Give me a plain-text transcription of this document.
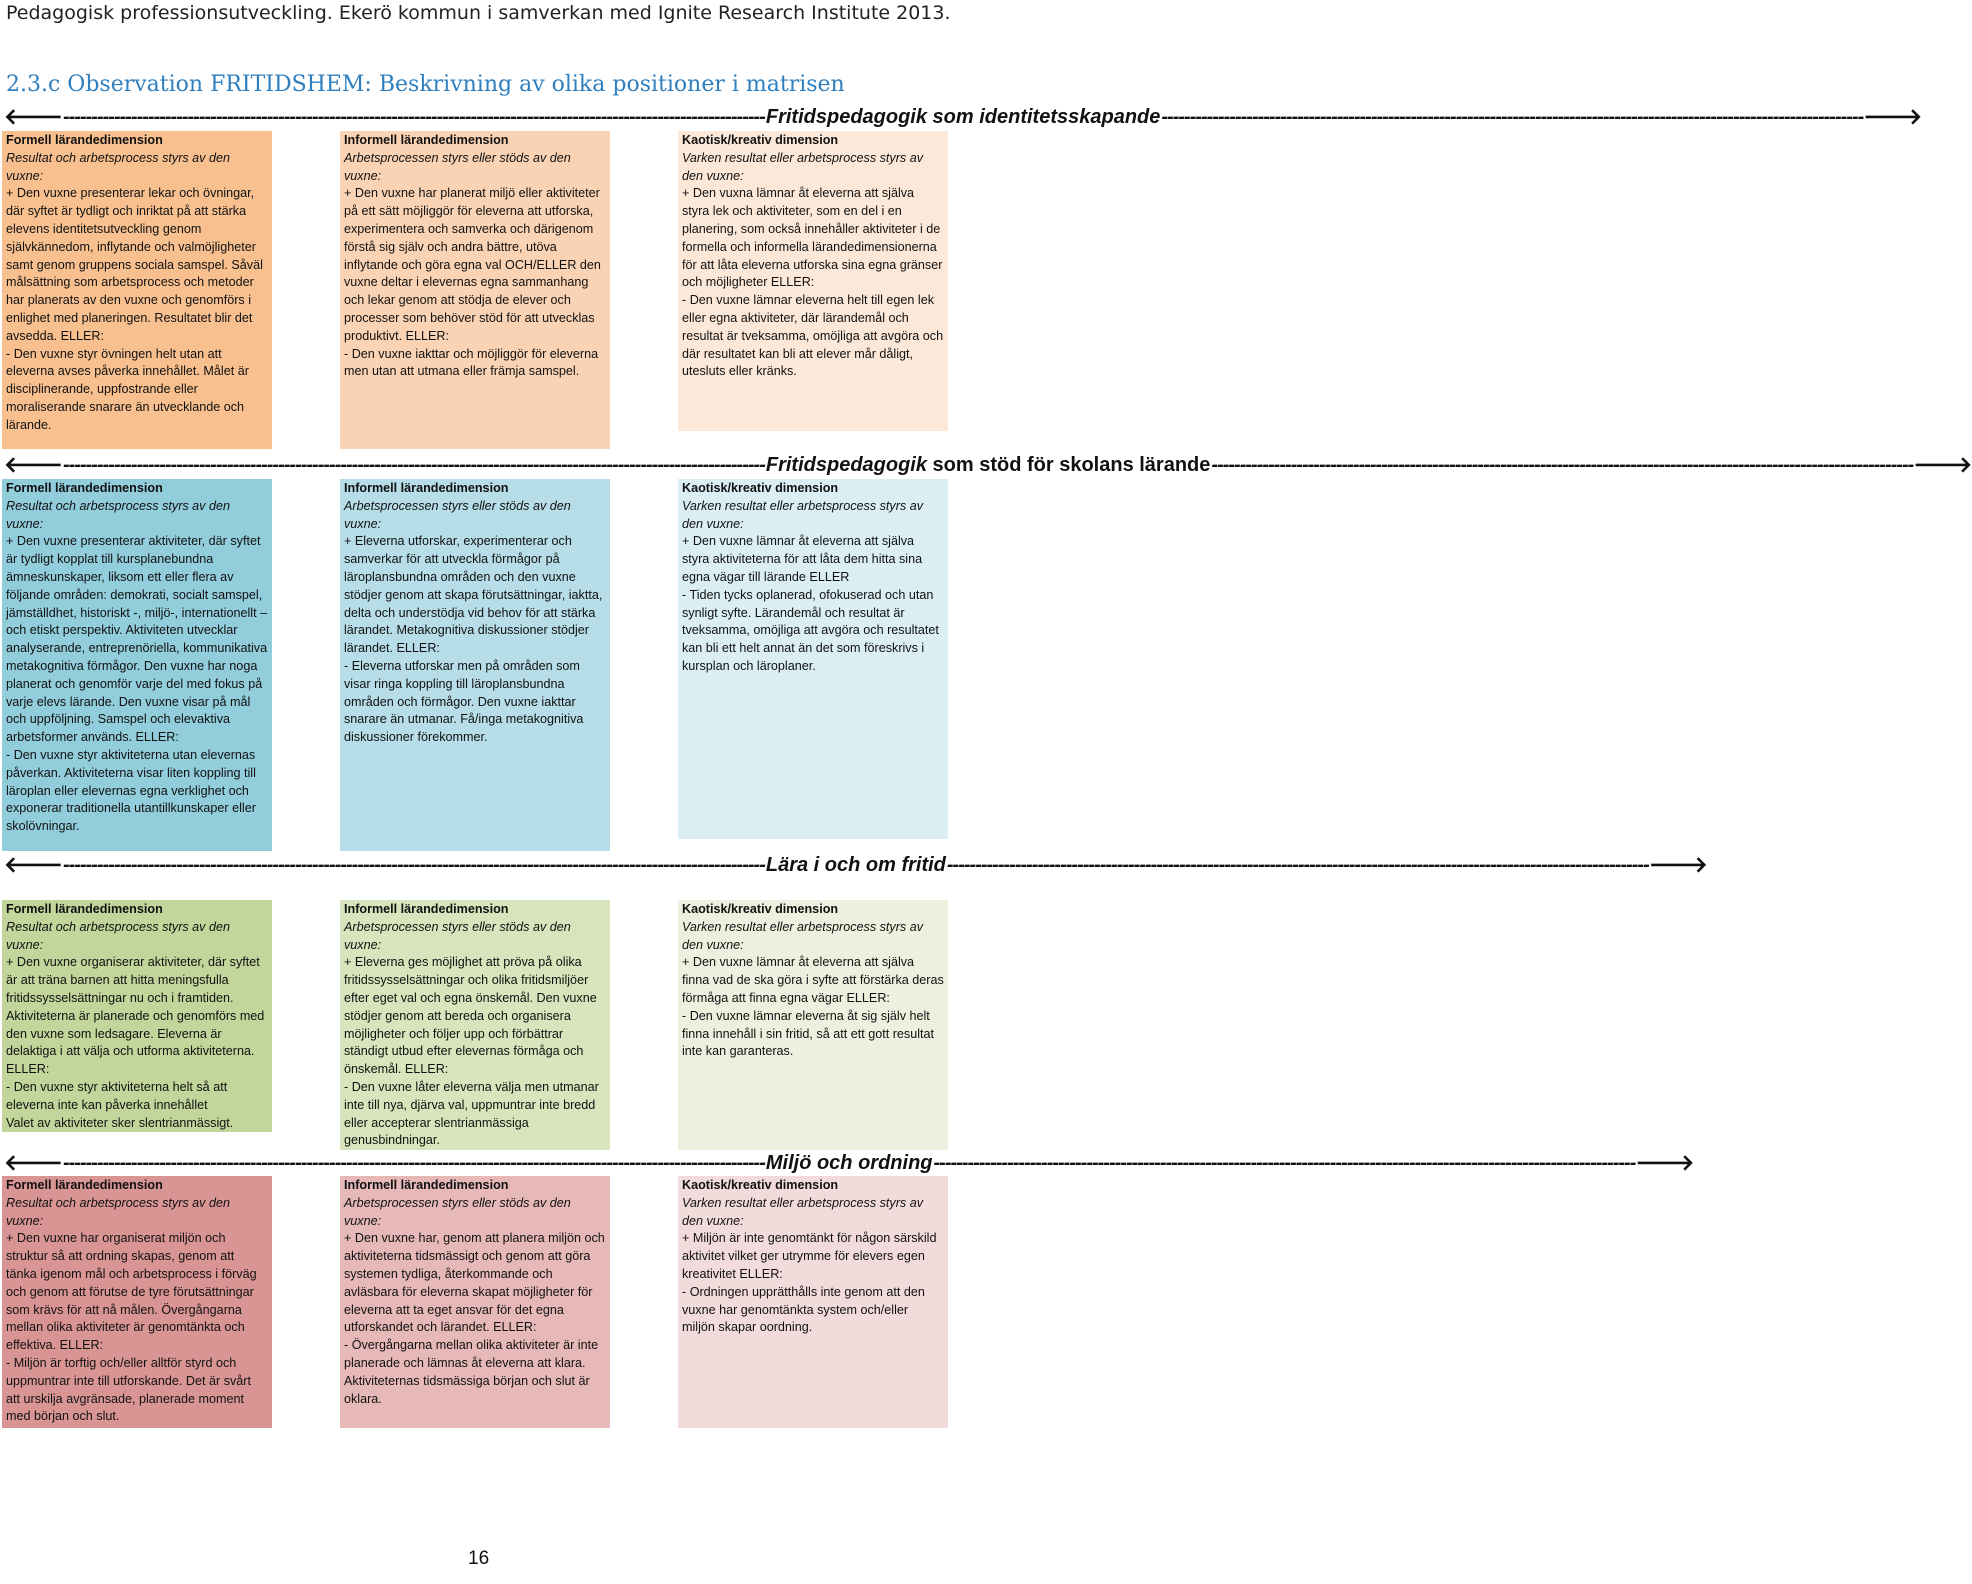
Pedagogisk professionsutveckling. Ekerö kommun i samverkan med Ignite Research Institute 2013.
2.3.c Observation FRITIDSHEM: Beskrivning av olika positioner i matrisen
🡐 ---------------------------------------------------------------------------------------------------------------------------- Fritidspedagogik som identitetsskapande ---------------------------------------------------------------------------------------------------------------------------- 🡒
Formell lärandedimension
Resultat och arbetsprocess styrs av den vuxne:
+ Den vuxne presenterar lekar och övningar, där syftet är tydligt och inriktat på att stärka elevens identitetsutveckling genom självkännedom, inflytande och valmöjligheter samt genom gruppens sociala samspel. Såväl målsättning som arbetsprocess och metoder har planerats av den vuxne och genomförs i enlighet med planeringen. Resultatet blir det avsedda. ELLER:
- Den vuxne styr övningen helt utan att eleverna avses påverka innehållet. Målet är disciplinerande, uppfostrande eller moraliserande snarare än utvecklande och lärande.
Informell lärandedimension
Arbetsprocessen styrs eller stöds av den vuxne:
+ Den vuxne har planerat miljö eller aktiviteter på ett sätt möjliggör för eleverna att utforska, experimentera och samverka och därigenom förstå sig själv och andra bättre, utöva inflytande och göra egna val OCH/ELLER den vuxne deltar i elevernas egna sammanhang och lekar genom att stödja de elever och processer som behöver stöd för att utvecklas produktivt. ELLER:
- Den vuxne iakttar och möjliggör för eleverna men utan att utmana eller främja samspel.
Kaotisk/kreativ dimension
Varken resultat eller arbetsprocess styrs av den vuxne:
+ Den vuxna lämnar åt eleverna att själva styra lek och aktiviteter, som en del i en planering, som också innehåller aktiviteter i de formella och informella lärandedimensionerna för att låta eleverna utforska sina egna gränser och möjligheter ELLER:
- Den vuxne lämnar eleverna helt till egen lek eller egna aktiviteter, där lärandemål och resultat är tveksamma, omöjliga att avgöra och där resultatet kan bli att elever mår dåligt, utesluts eller kränks.
🡐 ---------------------------------------------------------------------------------------------------------------------------- Fritidspedagogik som stöd för skolans lärande ---------------------------------------------------------------------------------------------------------------------------- 🡒
Formell lärandedimension
Resultat och arbetsprocess styrs av den vuxne:
+ Den vuxne presenterar aktiviteter, där syftet är tydligt kopplat till kursplanebundna ämneskunskaper, liksom ett eller flera av följande områden: demokrati, socialt samspel, jämställdhet, historiskt -, miljö-, internationellt – och etiskt perspektiv. Aktiviteten utvecklar analyserande, entreprenöriella, kommunikativa metakognitiva förmågor. Den vuxne har noga planerat och genomför varje del med fokus på varje elevs lärande. Den vuxne visar på mål och uppföljning. Samspel och elevaktiva arbetsformer används. ELLER:
- Den vuxne styr aktiviteterna utan elevernas påverkan. Aktiviteterna visar liten koppling till läroplan eller elevernas egna verklighet och exponerar traditionella utantillkunskaper eller skolövningar.
Informell lärandedimension
Arbetsprocessen styrs eller stöds av den vuxne:
+ Eleverna utforskar, experimenterar och samverkar för att utveckla förmågor på läroplansbundna områden och den vuxne stödjer genom att skapa förutsättningar, iaktta, delta och understödja vid behov för att stärka lärandet. Metakognitiva diskussioner stödjer lärandet. ELLER:
- Eleverna utforskar men på områden som visar ringa koppling till läroplansbundna områden och förmågor. Den vuxne iakttar snarare än utmanar. Få/inga metakognitiva diskussioner förekommer.
Kaotisk/kreativ dimension
Varken resultat eller arbetsprocess styrs av den vuxne:
+ Den vuxne lämnar åt eleverna att själva styra aktiviteterna för att låta dem hitta sina egna vägar till lärande ELLER
- Tiden tycks oplanerad, ofokuserad och utan synligt syfte. Lärandemål och resultat är tveksamma, omöjliga att avgöra och resultatet kan bli ett helt annat än det som föreskrivs i kursplan och läroplaner.
🡐 ---------------------------------------------------------------------------------------------------------------------------- Lära i och om fritid ---------------------------------------------------------------------------------------------------------------------------- 🡒
Formell lärandedimension
Resultat och arbetsprocess styrs av den vuxne:
+ Den vuxne organiserar aktiviteter, där syftet är att träna barnen att hitta meningsfulla fritidssysselsättningar nu och i framtiden. Aktiviteterna är planerade och genomförs med den vuxne som ledsagare. Eleverna är delaktiga i att välja och utforma aktiviteterna. ELLER:
- Den vuxne styr aktiviteterna helt så att eleverna inte kan påverka innehållet
Valet av aktiviteter sker slentrianmässigt.
Informell lärandedimension
Arbetsprocessen styrs eller stöds av den vuxne:
+ Eleverna ges möjlighet att pröva på olika fritidssysselsättningar och olika fritidsmiljöer efter eget val och egna önskemål. Den vuxne stödjer genom att bereda och organisera möjligheter och följer upp och förbättrar ständigt utbud efter elevernas förmåga och önskemål. ELLER:
- Den vuxne låter eleverna välja men utmanar inte till nya, djärva val, uppmuntrar inte bredd eller accepterar slentrianmässiga genusbindningar.
Kaotisk/kreativ dimension
Varken resultat eller arbetsprocess styrs av den vuxne:
+ Den vuxne lämnar åt eleverna att själva finna vad de ska göra i syfte att förstärka deras förmåga att finna egna vägar ELLER:
- Den vuxne lämnar eleverna åt sig själv helt finna innehåll i sin fritid, så att ett gott resultat inte kan garanteras.
🡐 ---------------------------------------------------------------------------------------------------------------------------- Miljö och ordning ---------------------------------------------------------------------------------------------------------------------------- 🡒
Formell lärandedimension
Resultat och arbetsprocess styrs av den vuxne:
+ Den vuxne har organiserat miljön och struktur så att ordning skapas, genom att tänka igenom mål och arbetsprocess i förväg och genom att förutse de tyre förutsättningar som krävs för att nå målen. Övergångarna mellan olika aktiviteter är genomtänkta och effektiva. ELLER:
- Miljön är torftig och/eller alltför styrd och uppmuntrar inte till utforskande. Det är svårt att urskilja avgränsade, planerade moment med början och slut.
Informell lärandedimension
Arbetsprocessen styrs eller stöds av den vuxne:
+ Den vuxne har, genom att planera miljön och aktiviteterna tidsmässigt och genom att göra systemen tydliga, återkommande och avläsbara för eleverna skapat möjligheter för eleverna att ta eget ansvar för det egna utforskandet och lärandet. ELLER:
- Övergångarna mellan olika aktiviteter är inte planerade och lämnas åt eleverna att klara. Aktiviteternas tidsmässiga början och slut är oklara.
Kaotisk/kreativ dimension
Varken resultat eller arbetsprocess styrs av den vuxne:
+ Miljön är inte genomtänkt för någon särskild aktivitet vilket ger utrymme för elevers egen kreativitet ELLER:
- Ordningen upprätthålls inte genom att den vuxne har genomtänkta system och/eller miljön skapar oordning.
16
